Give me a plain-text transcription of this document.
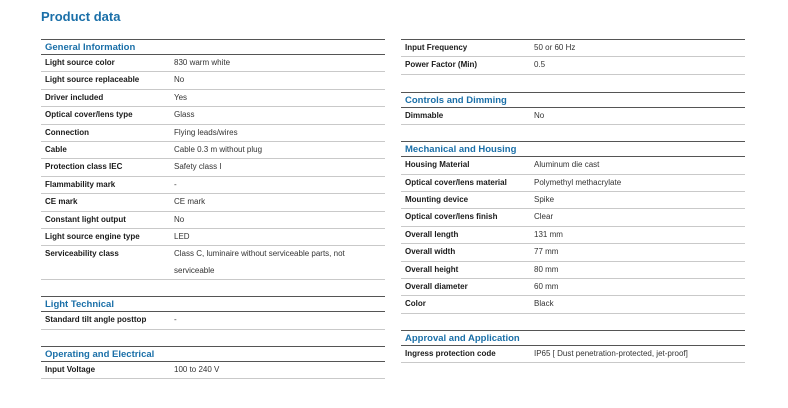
Product data
General Information
Light source color	830 warm white
Light source replaceable	No
Driver included	Yes
Optical cover/lens type	Glass
Connection	Flying leads/wires
Cable	Cable 0.3 m without plug
Protection class IEC	Safety class I
Flammability mark	-
CE mark	CE mark
Constant light output	No
Light source engine type	LED
Serviceability class	Class C, luminaire without serviceable parts, not serviceable
Light Technical
Standard tilt angle posttop	-
Operating and Electrical
Input Voltage	100 to 240 V
Input Frequency	50 or 60 Hz
Power Factor (Min)	0.5
Controls and Dimming
Dimmable	No
Mechanical and Housing
Housing Material	Aluminum die cast
Optical cover/lens material	Polymethyl methacrylate
Mounting device	Spike
Optical cover/lens finish	Clear
Overall length	131 mm
Overall width	77 mm
Overall height	80 mm
Overall diameter	60 mm
Color	Black
Approval and Application
Ingress protection code	IP65 [ Dust penetration-protected, jet-proof]
